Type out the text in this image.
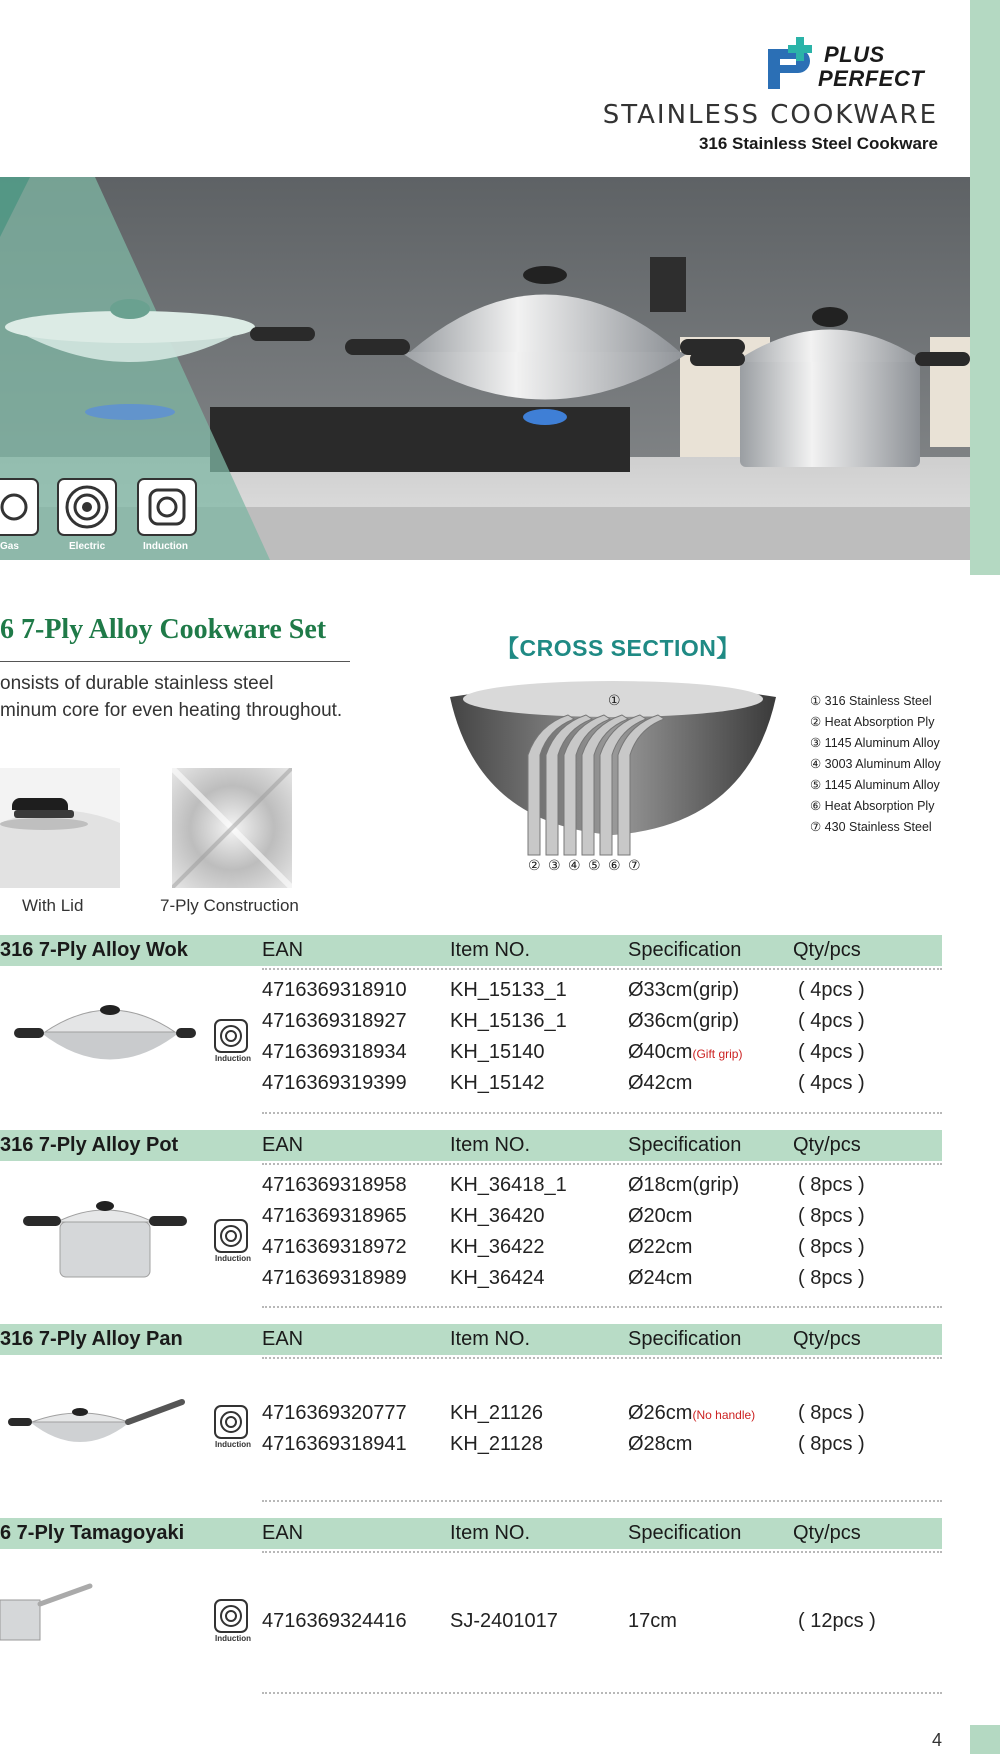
PLUS
PERFECT
STAINLESS COOKWARE
316 Stainless Steel Cookware
Gas	Electric	Induction
6 7-Ply Alloy Cookware Set
onsists of durable stainless steel
minum core for even heating throughout.
With Lid	7-Ply Construction
【CROSS SECTION】
①
② ③ ④ ⑤ ⑥ ⑦
① 316 Stainless Steel
② Heat Absorption Ply
③ 1145 Aluminum Alloy
④ 3003 Aluminum Alloy
⑤ 1145 Aluminum Alloy
⑥ Heat Absorption Ply
⑦ 430 Stainless Steel
316 7-Ply Alloy Wok	EAN	Item NO.	Specification	Qty/pcs
4716369318910 KH_15133_1	Ø33cm(grip)	( 4pcs )
4716369318927 KH_15136_1	Ø36cm(grip)	( 4pcs )
4716369318934 KH_15140	Ø40cm(Gift grip)	( 4pcs )
4716369319399 KH_15142	Ø42cm	( 4pcs )
Induction
316 7-Ply Alloy Pot	EAN	Item NO.	Specification	Qty/pcs
4716369318958 KH_36418_1	Ø18cm(grip)	( 8pcs )
4716369318965 KH_36420	Ø20cm	( 8pcs )
4716369318972 KH_36422	Ø22cm	( 8pcs )
4716369318989 KH_36424	Ø24cm	( 8pcs )
Induction
316 7-Ply Alloy Pan	EAN	Item NO.	Specification	Qty/pcs
4716369320777 KH_21126	Ø26cm(No handle) ( 8pcs )
4716369318941 KH_21128	Ø28cm	( 8pcs )
Induction
6 7-Ply Tamagoyaki	EAN	Item NO.	Specification	Qty/pcs
4716369324416 SJ-2401017	17cm	( 12pcs )
Induction
4
